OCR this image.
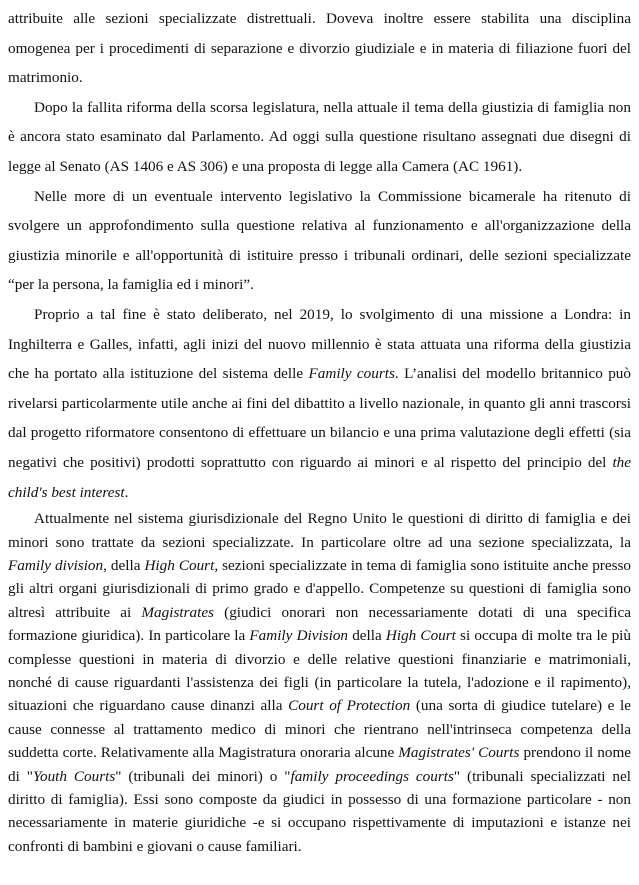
attribuite alle sezioni specializzate distrettuali. Doveva inoltre essere stabilita una disciplina omogenea per i procedimenti di separazione e divorzio giudiziale e in materia di filiazione fuori del matrimonio.

Dopo la fallita riforma della scorsa legislatura, nella attuale il tema della giustizia di famiglia non è ancora stato esaminato dal Parlamento. Ad oggi sulla questione risultano assegnati due disegni di legge al Senato (AS 1406 e AS 306) e una proposta di legge alla Camera (AC 1961).

Nelle more di un eventuale intervento legislativo la Commissione bicamerale ha ritenuto di svolgere un approfondimento sulla questione relativa al funzionamento e all'organizzazione della giustizia minorile e all'opportunità di istituire presso i tribunali ordinari, delle sezioni specializzate “per la persona, la famiglia ed i minori”.

Proprio a tal fine è stato deliberato, nel 2019, lo svolgimento di una missione a Londra: in Inghilterra e Galles, infatti, agli inizi del nuovo millennio è stata attuata una riforma della giustizia che ha portato alla istituzione del sistema delle Family courts. L’analisi del modello britannico può rivelarsi particolarmente utile anche ai fini del dibattito a livello nazionale, in quanto gli anni trascorsi dal progetto riformatore consentono di effettuare un bilancio e una prima valutazione degli effetti (sia negativi che positivi) prodotti soprattutto con riguardo ai minori e al rispetto del principio del the child's best interest.

Attualmente nel sistema giurisdizionale del Regno Unito le questioni di diritto di famiglia e dei minori sono trattate da sezioni specializzate. In particolare oltre ad una sezione specializzata, la Family division, della High Court, sezioni specializzate in tema di famiglia sono istituite anche presso gli altri organi giurisdizionali di primo grado e d'appello. Competenze su questioni di famiglia sono altresì attribuite ai Magistrates (giudici onorari non necessariamente dotati di una specifica formazione giuridica). In particolare la Family Division della High Court si occupa di molte tra le più complesse questioni in materia di divorzio e delle relative questioni finanziarie e matrimoniali, nonché di cause riguardanti l'assistenza dei figli (in particolare la tutela, l'adozione e il rapimento), situazioni che riguardano cause dinanzi alla Court of Protection (una sorta di giudice tutelare) e le cause connesse al trattamento medico di minori che rientrano nell'intrinseca competenza della suddetta corte. Relativamente alla Magistratura onoraria alcune Magistrates' Courts prendono il nome di "Youth Courts" (tribunali dei minori) o "family proceedings courts" (tribunali specializzati nel diritto di famiglia). Essi sono composte da giudici in possesso di una formazione particolare - non necessariamente in materie giuridiche -e si occupano rispettivamente di imputazioni e istanze nei confronti di bambini e giovani o cause familiari.
